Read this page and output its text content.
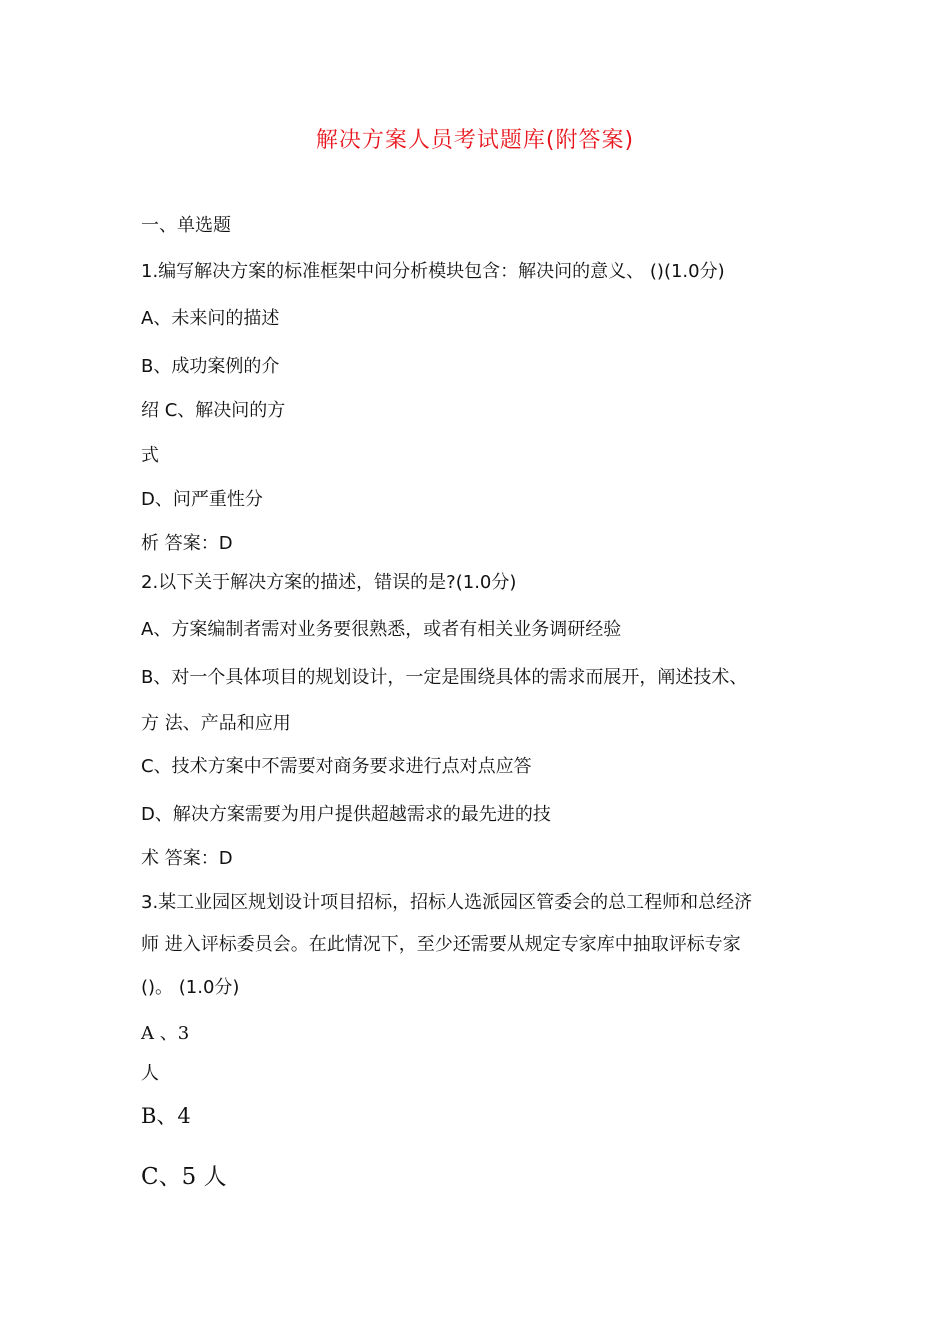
解决方案人员考试题库(附答案)
一、单选题
1.编写解决方案的标准框架中问分析模块包含：解决问的意义、 ()(1.0分)
A、未来问的描述
B、成功案例的介
绍 C、解决问的方
式
D、问严重性分
析 答案：D
2.以下关于解决方案的描述，错误的是?(1.0分)
A、方案编制者需对业务要很熟悉，或者有相关业务调研经验
B、对一个具体项目的规划设计，一定是围绕具体的需求而展开，阐述技术、
方 法、产品和应用
C、技术方案中不需要对商务要求进行点对点应答
D、解决方案需要为用户提供超越需求的最先进的技
术 答案：D
3.某工业园区规划设计项目招标，招标人选派园区管委会的总工程师和总经济
师 进入评标委员会。在此情况下，至少还需要从规定专家库中抽取评标专家
()。 (1.0分)
A 、3
人
B、4
C、5 人
